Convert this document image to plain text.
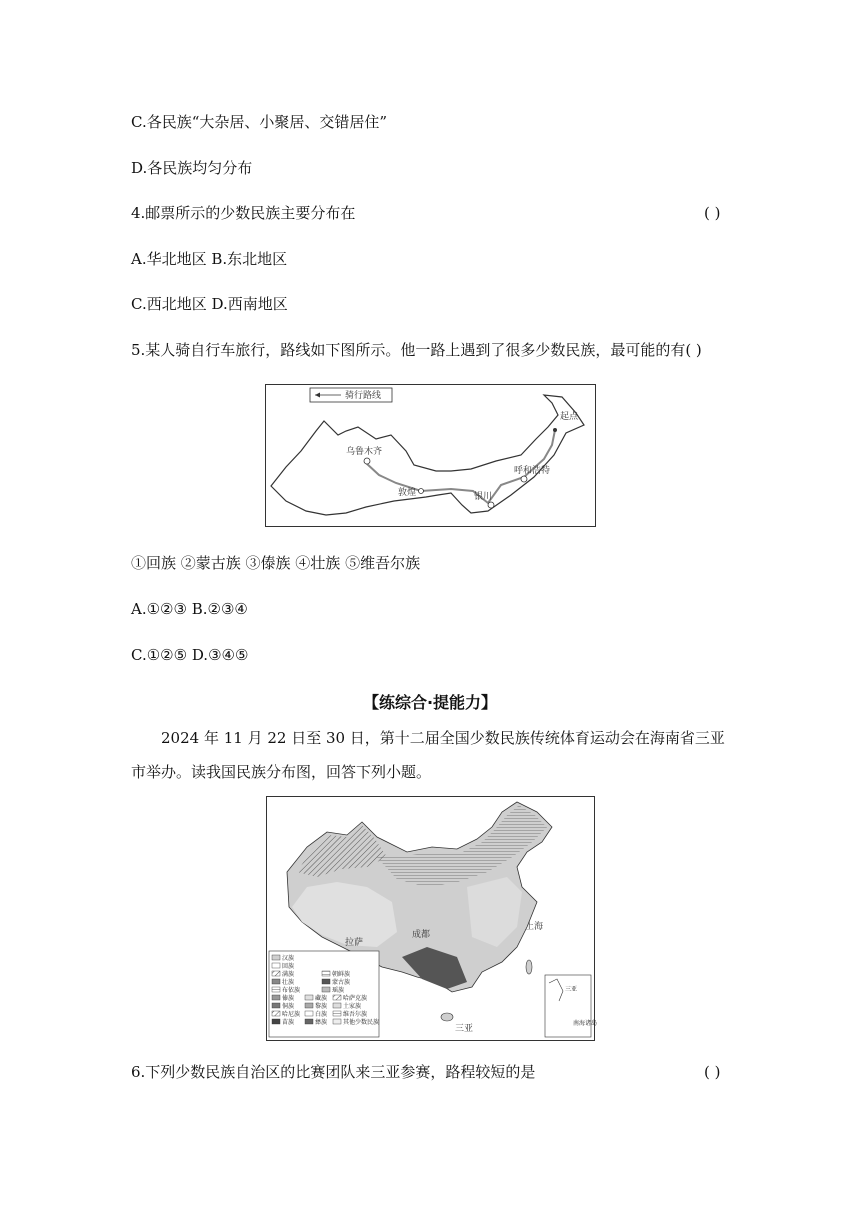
C.各民族“大杂居、小聚居、交错居住”
D.各民族均匀分布
4.邮票所示的少数民族主要分布在	( )
A.华北地区 B.东北地区
C.西北地区 D.西南地区
5.某人骑自行车旅行，路线如下图所示。他一路上遇到了很多少数民族，最可能的有( )
骑行路线
乌鲁木齐
敦煌	银川
呼和浩特
起点
①回族 ②蒙古族 ③傣族 ④壮族 ⑤维吾尔族
A.①②③ B.②③④
C.①②⑤ D.③④⑤
【练综合·提能力】
2024 年 11 月 22 日至 30 日，第十二届全国少数民族传统体育运动会在海南省三亚市举办。读我国民族分布图，回答下列小题。
拉萨
成都
上海
三亚
汉族
回族
满族	朝鲜族
壮族	蒙古族
布依族	瑶族
傣族	藏族	哈萨克族
侗族	黎族	土家族
哈尼族 白族	维吾尔族
苗族	彝族	其他少数民族
三亚
南海诸岛
6.下列少数民族自治区的比赛团队来三亚参赛，路程较短的是	( )
